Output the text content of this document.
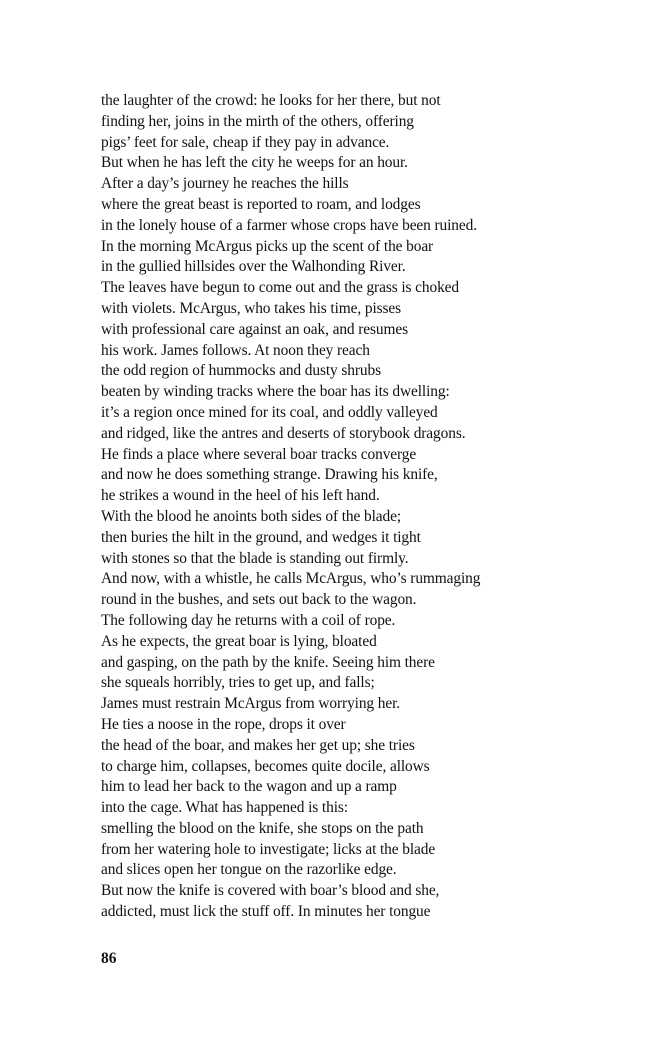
the laughter of the crowd: he looks for her there, but not
finding her, joins in the mirth of the others, offering
pigs’ feet for sale, cheap if they pay in advance.
But when he has left the city he weeps for an hour.
After a day’s journey he reaches the hills
where the great beast is reported to roam, and lodges
in the lonely house of a farmer whose crops have been ruined.
In the morning McArgus picks up the scent of the boar
in the gullied hillsides over the Walhonding River.
The leaves have begun to come out and the grass is choked
with violets. McArgus, who takes his time, pisses
with professional care against an oak, and resumes
his work. James follows. At noon they reach
the odd region of hummocks and dusty shrubs
beaten by winding tracks where the boar has its dwelling:
it’s a region once mined for its coal, and oddly valleyed
and ridged, like the antres and deserts of storybook dragons.
He finds a place where several boar tracks converge
and now he does something strange. Drawing his knife,
he strikes a wound in the heel of his left hand.
With the blood he anoints both sides of the blade;
then buries the hilt in the ground, and wedges it tight
with stones so that the blade is standing out firmly.
And now, with a whistle, he calls McArgus, who’s rummaging
round in the bushes, and sets out back to the wagon.
The following day he returns with a coil of rope.
As he expects, the great boar is lying, bloated
and gasping, on the path by the knife. Seeing him there
she squeals horribly, tries to get up, and falls;
James must restrain McArgus from worrying her.
He ties a noose in the rope, drops it over
the head of the boar, and makes her get up; she tries
to charge him, collapses, becomes quite docile, allows
him to lead her back to the wagon and up a ramp
into the cage. What has happened is this:
smelling the blood on the knife, she stops on the path
from her watering hole to investigate; licks at the blade
and slices open her tongue on the razorlike edge.
But now the knife is covered with boar’s blood and she,
addicted, must lick the stuff off. In minutes her tongue
86
